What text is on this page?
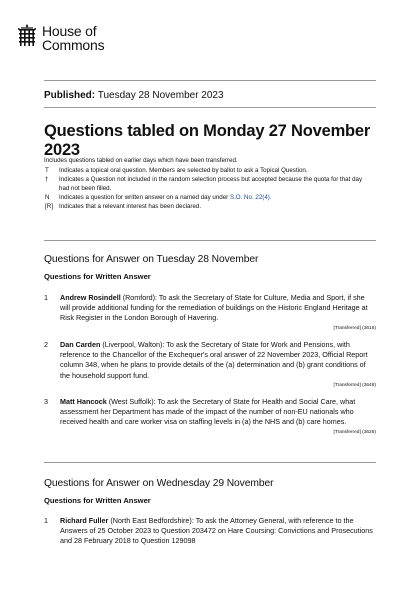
House of
Commons
Published: Tuesday 28 November 2023
Questions tabled on Monday 27 November 2023
Includes questions tabled on earlier days which have been transferred.
T	Indicates a topical oral question. Members are selected by ballot to ask a Topical Question.
†	Indicates a Question not included in the random selection process but accepted because the quota for that day had not been filled.
N	Indicates a question for written answer on a named day under S.O. No. 22(4).
[R] Indicates that a relevant interest has been declared.
Questions for Answer on Tuesday 28 November
Questions for Written Answer
1	Andrew Rosindell (Romford): To ask the Secretary of State for Culture, Media and Sport, if she will provide additional funding for the remediation of buildings on the Historic England Heritage at Risk Register in the London Borough of Havering.
[Transferred] (3616)
2	Dan Carden (Liverpool, Walton): To ask the Secretary of State for Work and Pensions, with reference to the Chancellor of the Exchequer's oral answer of 22 November 2023, Official Report column 348, when he plans to provide details of the (a) determination and (b) grant conditions of the household support fund.
[Transferred] (3648)
3	Matt Hancock (West Suffolk): To ask the Secretary of State for Health and Social Care, what assessment her Department has made of the impact of the number of non-EU nationals who received health and care worker visa on staffing levels in (a) the NHS and (b) care homes.
[Transferred] (3626)
Questions for Answer on Wednesday 29 November
Questions for Written Answer
1	Richard Fuller (North East Bedfordshire): To ask the Attorney General, with reference to the Answers of 25 October 2023 to Question 203472 on Hare Coursing: Convictions and Prosecutions and 28 February 2018 to Question 129098
